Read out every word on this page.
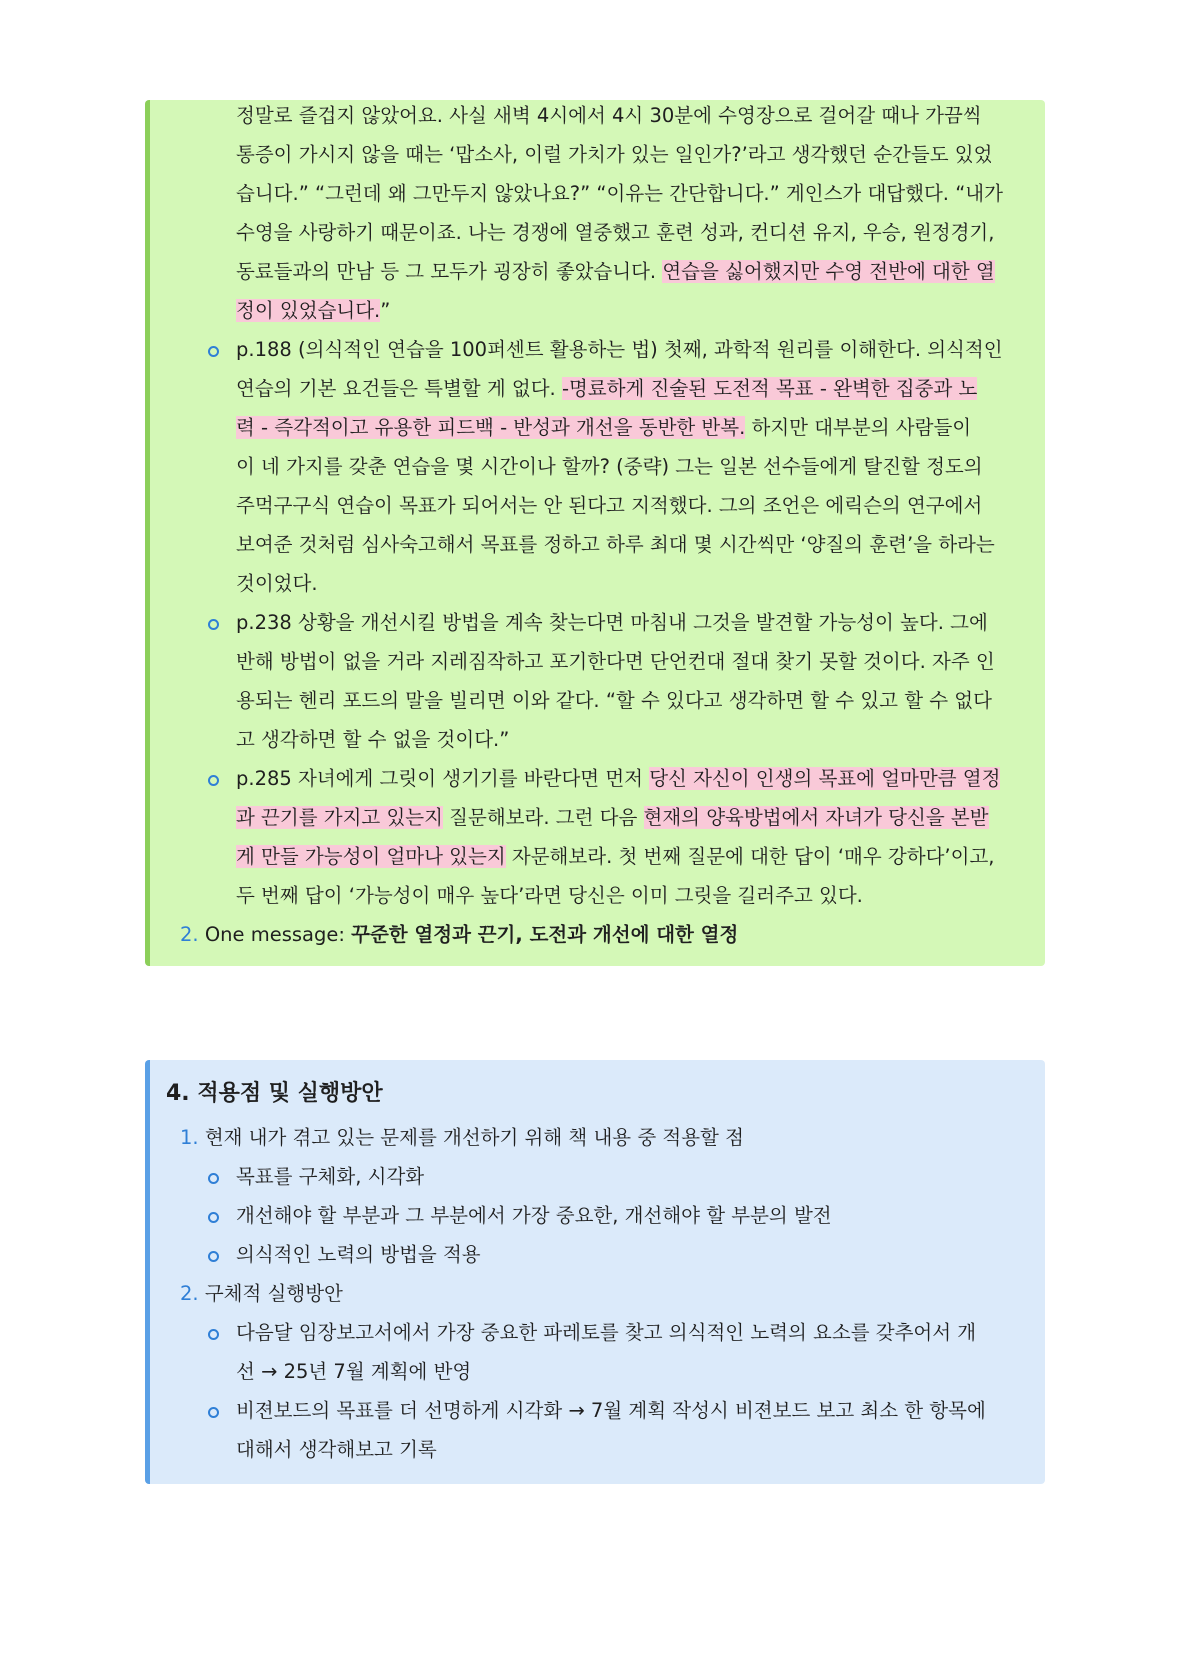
정말로 즐겁지 않았어요. 사실 새벽 4시에서 4시 30분에 수영장으로 걸어갈 때나 가끔씩
통증이 가시지 않을 때는 ‘맙소사, 이럴 가치가 있는 일인가?’라고 생각했던 순간들도 있었
습니다.” “그런데 왜 그만두지 않았나요?” “이유는 간단합니다.” 게인스가 대답했다. “내가
수영을 사랑하기 때문이죠. 나는 경쟁에 열중했고 훈련 성과, 컨디션 유지, 우승, 원정경기,
동료들과의 만남 등 그 모두가 굉장히 좋았습니다. 연습을 싫어했지만 수영 전반에 대한 열
정이 있었습니다.”
p.188 (의식적인 연습을 100퍼센트 활용하는 법) 첫째, 과학적 원리를 이해한다. 의식적인
연습의 기본 요건들은 특별할 게 없다. -명료하게 진술된 도전적 목표 - 완벽한 집중과 노
력 - 즉각적이고 유용한 피드백 - 반성과 개선을 동반한 반복. 하지만 대부분의 사람들이
이 네 가지를 갖춘 연습을 몇 시간이나 할까? (중략) 그는 일본 선수들에게 탈진할 정도의
주먹구구식 연습이 목표가 되어서는 안 된다고 지적했다. 그의 조언은 에릭슨의 연구에서
보여준 것처럼 심사숙고해서 목표를 정하고 하루 최대 몇 시간씩만 ‘양질의 훈련’을 하라는
것이었다.
p.238 상황을 개선시킬 방법을 계속 찾는다면 마침내 그것을 발견할 가능성이 높다. 그에
반해 방법이 없을 거라 지레짐작하고 포기한다면 단언컨대 절대 찾기 못할 것이다. 자주 인
용되는 헨리 포드의 말을 빌리면 이와 같다. “할 수 있다고 생각하면 할 수 있고 할 수 없다
고 생각하면 할 수 없을 것이다.”
p.285 자녀에게 그릿이 생기기를 바란다면 먼저 당신 자신이 인생의 목표에 얼마만큼 열정
과 끈기를 가지고 있는지 질문해보라. 그런 다음 현재의 양육방법에서 자녀가 당신을 본받
게 만들 가능성이 얼마나 있는지 자문해보라. 첫 번째 질문에 대한 답이 ‘매우 강하다’이고,
두 번째 답이 ‘가능성이 매우 높다’라면 당신은 이미 그릿을 길러주고 있다.
2. One message: 꾸준한 열정과 끈기, 도전과 개선에 대한 열정
4. 적용점 및 실행방안
1. 현재 내가 겪고 있는 문제를 개선하기 위해 책 내용 중 적용할 점
목표를 구체화, 시각화
개선해야 할 부분과 그 부분에서 가장 중요한, 개선해야 할 부분의 발전
의식적인 노력의 방법을 적용
2. 구체적 실행방안
다음달 임장보고서에서 가장 중요한 파레토를 찾고 의식적인 노력의 요소를 갖추어서 개
선 → 25년 7월 계획에 반영
비젼보드의 목표를 더 선명하게 시각화 → 7월 계획 작성시 비젼보드 보고 최소 한 항목에
대해서 생각해보고 기록
